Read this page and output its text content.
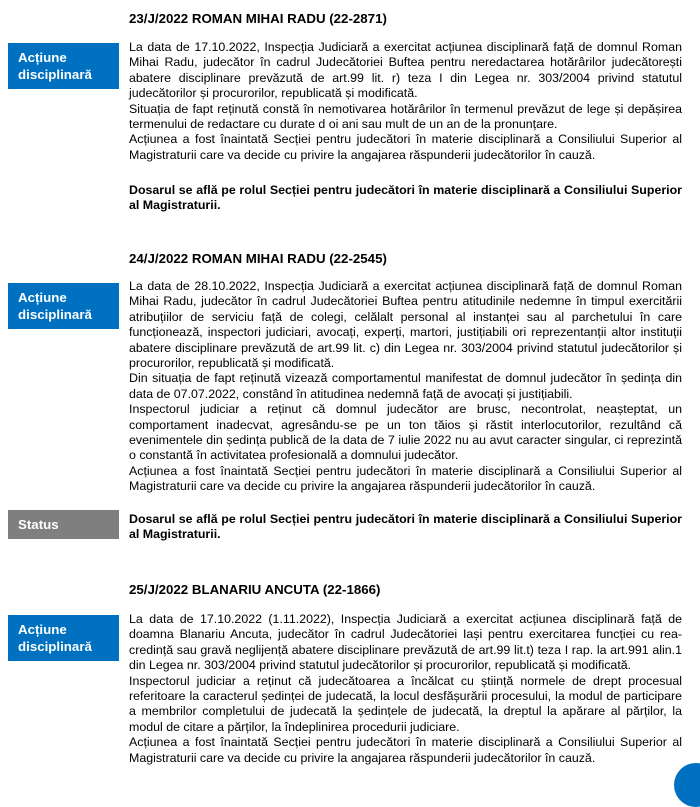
23/J/2022 ROMAN MIHAI RADU (22-2871)
Acțiune disciplinară

La data de 17.10.2022, Inspecția Judiciară a exercitat acțiunea disciplinară față de domnul Roman Mihai Radu, judecător în cadrul Judecătoriei Buftea pentru neredactarea hotărârilor judecătorești abatere disciplinare prevăzută de art.99 lit. r) teza I din Legea nr. 303/2004 privind statutul judecătorilor și procurorilor, republicată și modificată.

Situația de fapt reținută constă în nemotivarea hotărârilor în termenul prevăzut de lege și depășirea termenului de redactare cu durate d oi ani sau mult de un an de la pronunțare.

Acțiunea a fost înaintată Secției pentru judecători în materie disciplinară a Consiliului Superior al Magistraturii care va decide cu privire la angajarea răspunderii judecătorilor în cauză.

Dosarul se află pe rolul Secției pentru judecători în materie disciplinară a Consiliului Superior al Magistraturii.
24/J/2022 ROMAN MIHAI RADU (22-2545)
Acțiune disciplinară

La data de 28.10.2022, Inspecția Judiciară a exercitat acțiunea disciplinară față de domnul Roman Mihai Radu, judecător în cadrul Judecătoriei Buftea pentru atitudinile nedemne în timpul exercitării atribuțiilor de serviciu față de colegi, celălalt personal al instanței sau al parchetului în care funcționează, inspectori judiciari, avocați, experți, martori, justițiabili ori reprezentanții altor instituții abatere disciplinare prevăzută de art.99 lit. c) din Legea nr. 303/2004 privind statutul judecătorilor și procurorilor, republicată și modificată.

Din situația de fapt reținută vizează comportamentul manifestat de domnul judecător în ședința din data de 07.07.2022, constând în atitudinea nedemnă față de avocați și justițiabili.

Inspectorul judiciar a reținut că domnul judecător are brusc, necontrolat, neașteptat, un comportament inadecvat, agresându-se pe un ton tăios și răstit interlocutorilor, rezultând că evenimentele din ședința publică de la data de 7 iulie 2022 nu au avut caracter singular, ci reprezintă o constantă în activitatea profesională a domnului judecător.

Acțiunea a fost înaintată Secției pentru judecători în materie disciplinară a Consiliului Superior al Magistraturii care va decide cu privire la angajarea răspunderii judecătorilor în cauză.

Status	Dosarul se află pe rolul Secției pentru judecători în materie disciplinară a Consiliului Superior al Magistraturii.
25/J/2022 BLANARIU ANCUTA (22-1866)
Acțiune disciplinară

La data de 17.10.2022 (1.11.2022), Inspecția Judiciară a exercitat acțiunea disciplinară față de doamna Blanariu Ancuta, judecător în cadrul Judecătoriei Iași pentru exercitarea funcției cu rea-credință sau gravă neglijență abatere disciplinare prevăzută de art.99 lit.t) teza I rap. la art.991 alin.1 din Legea nr. 303/2004 privind statutul judecătorilor și procurorilor, republicată și modificată.

Inspectorul judiciar a reținut că judecătoarea a încălcat cu știință normele de drept procesual referitoare la caracterul ședinței de judecată, la locul desfășurării procesului, la modul de participare a membrilor completului de judecată la ședințele de judecată, la dreptul la apărare al părților, la modul de citare a părților, la îndeplinirea procedurii judiciare.

Acțiunea a fost înaintată Secției pentru judecători în materie disciplinară a Consiliului Superior al Magistraturii care va decide cu privire la angajarea răspunderii judecătorilor în cauză.
